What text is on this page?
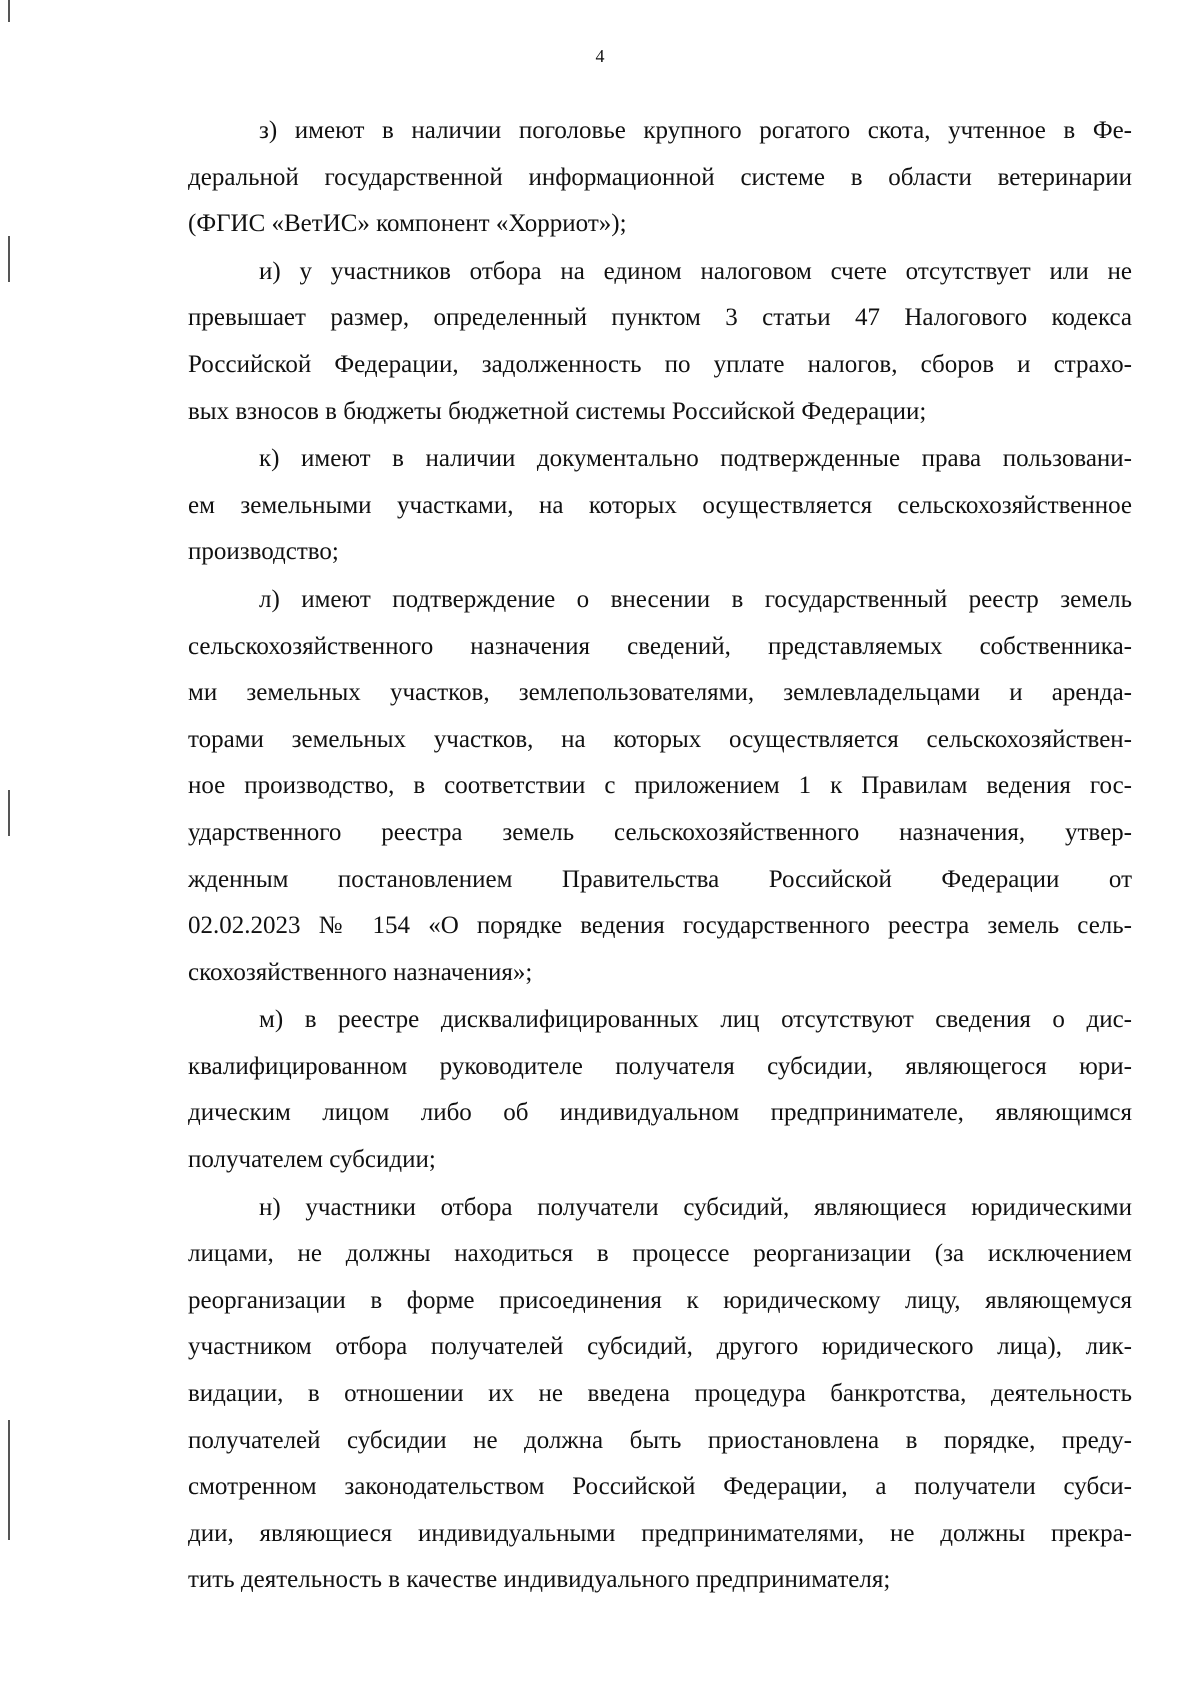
4

з) имеют в наличии поголовье крупного рогатого скота, учтенное в Фе-
деральной государственной информационной системе в области ветеринарии
(ФГИС «ВетИС» компонент «Хорриот»);

и) у участников отбора на едином налоговом счете отсутствует или не
превышает размер, определенный пунктом 3 статьи 47 Налогового кодекса
Российской Федерации, задолженность по уплате налогов, сборов и страхо-
вых взносов в бюджеты бюджетной системы Российской Федерации;

к) имеют в наличии документально подтвержденные права пользовани-
ем земельными участками, на которых осуществляется сельскохозяйственное
производство;

л) имеют подтверждение о внесении в государственный реестр земель
сельскохозяйственного назначения сведений, представляемых собственника-
ми земельных участков, землепользователями, землевладельцами и арендa-
торами земельных участков, на которых осуществляется сельскохозяйствен-
ное производство, в соответствии с приложением 1 к Правилам ведения гос-
ударственного реестра земель сельскохозяйственного назначения, утвер-
жденным постановлением Правительства Российской Федерации от
02.02.2023 № 154 «О порядке ведения государственного реестра земель сель-
скохозяйственного назначения»;

м) в реестре дисквалифицированных лиц отсутствуют сведения о дис-
квалифицированном руководителе получателя субсидии, являющегося юри-
дическим лицом либо об индивидуальном предпринимателе, являющимся
получателем субсидии;

н) участники отбора получатели субсидий, являющиеся юридическими
лицами, не должны находиться в процессе реорганизации (за исключением
реорганизации в форме присоединения к юридическому лицу, являющемуся
участником отбора получателей субсидий, другого юридического лица), лик-
видации, в отношении их не введена процедура банкротства, деятельность
получателей субсидии не должна быть приостановлена в порядке, преду-
смотренном законодательством Российской Федерации, а получатели субси-
дии, являющиеся индивидуальными предпринимателями, не должны прекра-
тить деятельность в качестве индивидуального предпринимателя;
